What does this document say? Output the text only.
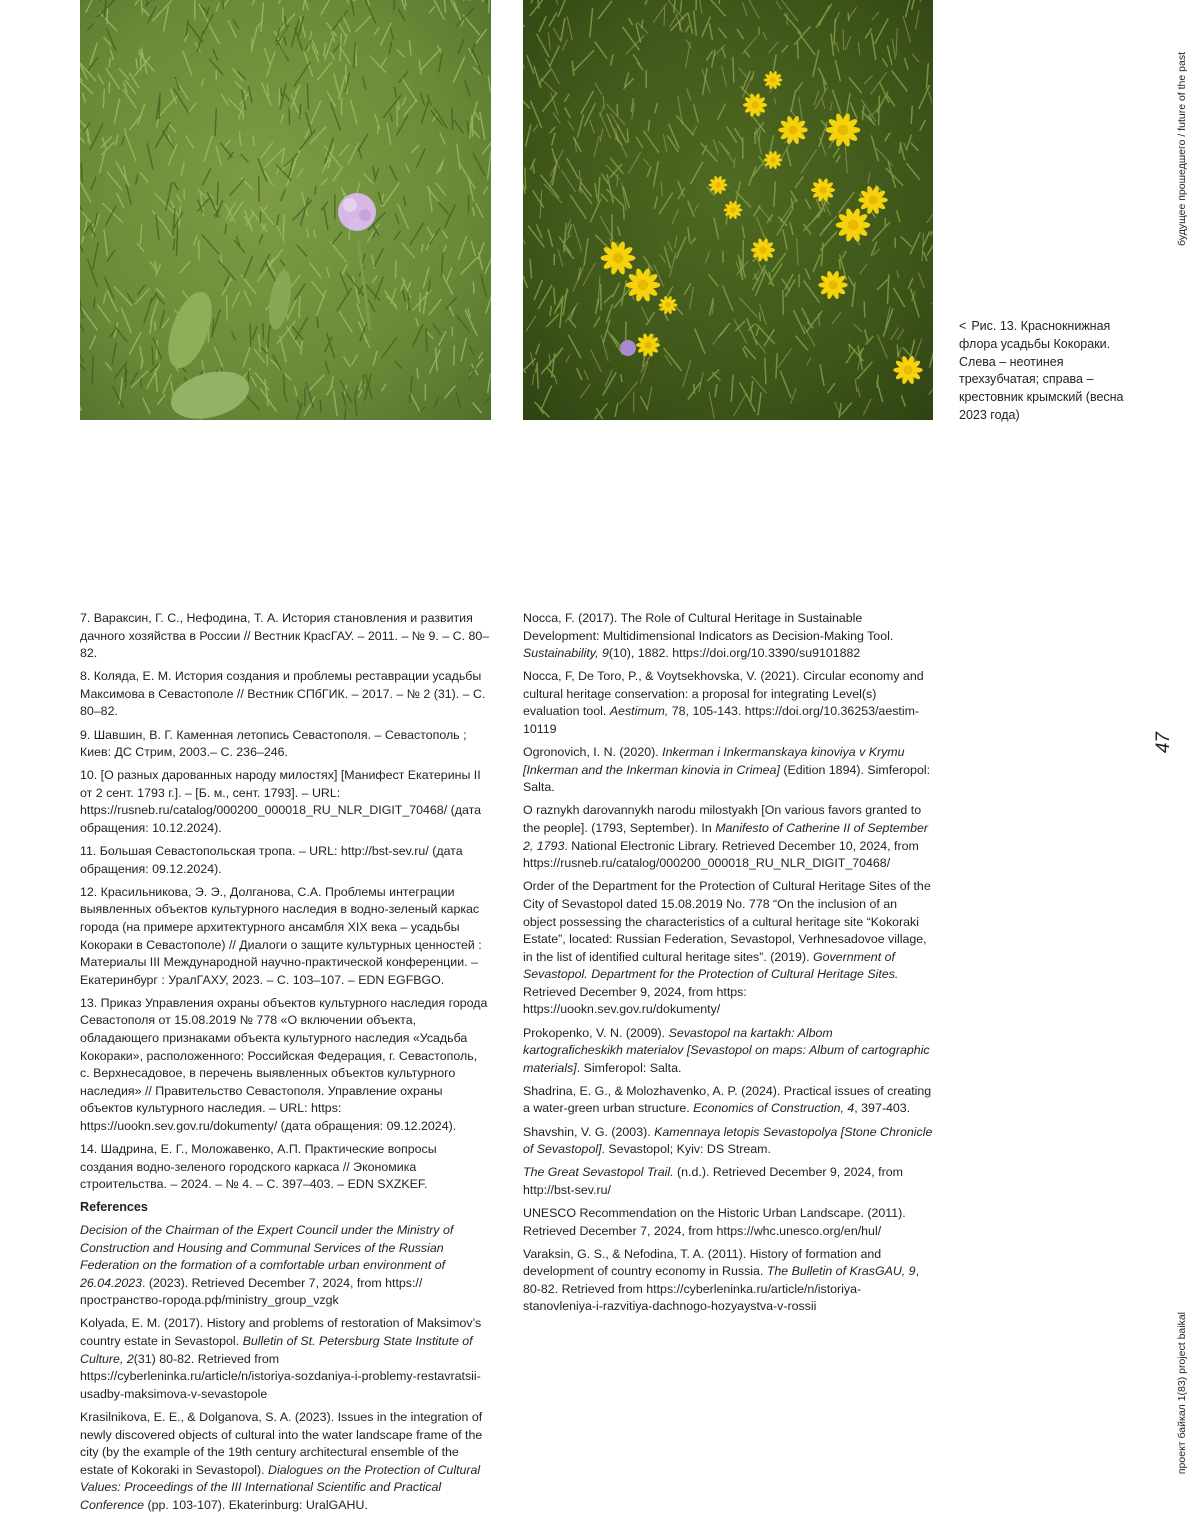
< Рис. 13. Краснокнижная флора усадьбы Кокораки. Слева – неотинея трехзубчатая; справа – крестовник крымский (весна 2023 года)
будущее прошедшего / future of the past
47
проект байкал 1(83) project baikal

7. Вараксин, Г. С., Нефодина, Т. А. История становления и развития дачного хозяйства в России // Вестник КрасГАУ. – 2011. – № 9. – С. 80–82.

8. Коляда, Е. М. История создания и проблемы реставрации усадьбы Максимова в Севастополе // Вестник СПбГИК. – 2017. – № 2 (31). – С. 80–82.

9. Шавшин, В. Г. Каменная летопись Севастополя. – Севастополь ; Киев: ДС Стрим, 2003.– С. 236–246.

10. [О разных дарованных народу милостях] [Манифест Екатерины II от 2 сент. 1793 г.]. – [Б. м., сент. 1793]. – URL: https://rusneb.ru/catalog/000200_000018_RU_NLR_DIGIT_70468/ (дата обращения: 10.12.2024).

11. Большая Севастопольская тропа. – URL: http://bst-sev.ru/ (дата обращения: 09.12.2024).

12. Красильникова, Э. Э., Долганова, С.А. Проблемы интеграции выявленных объектов культурного наследия в водно-зеленый каркас города (на примере архитектурного ансамбля XIX века – усадьбы Кокораки в Севастополе) // Диалоги о защите культурных ценностей : Материалы III Международной научно-практической конференции. – Екатеринбург : УралГАХУ, 2023. – С. 103–107. – EDN EGFBGO.

13. Приказ Управления охраны объектов культурного наследия города Севастополя от 15.08.2019 № 778 «О включении объекта, обладающего признаками объекта культурного наследия «Усадьба Кокораки», расположенного: Российская Федерация, г. Севастополь, с. Верхнесадовое, в перечень выявленных объектов культурного наследия» // Правительство Севастополя. Управление охраны объектов культурного наследия. – URL: https: https://uookn.sev.gov.ru/dokumenty/ (дата обращения: 09.12.2024).

14. Шадрина, Е. Г., Моложавенко, А.П. Практические вопросы создания водно-зеленого городского каркаса // Экономика строительства. – 2024. – № 4. – С. 397–403. – EDN SXZKEF.

References

Decision of the Chairman of the Expert Council under the Ministry of Construction and Housing and Communal Services of the Russian Federation on the formation of a comfortable urban environment of 26.04.2023. (2023). Retrieved December 7, 2024, from https://пространство-города.рф/ministry_group_vzgk

Kolyada, E. M. (2017). History and problems of restoration of Maksimov’s country estate in Sevastopol. Bulletin of St. Petersburg State Institute of Culture, 2(31) 80-82. Retrieved from https://cyberleninka.ru/article/n/istoriya-sozdaniya-i-problemy-restavratsii-usadby-maksimova-v-sevastopole

Krasilnikova, E. E., & Dolganova, S. A. (2023). Issues in the integration of newly discovered objects of cultural into the water landscape frame of the city (by the example of the 19th century architectural ensemble of the estate of Kokoraki in Sevastopol). Dialogues on the Protection of Cultural Values: Proceedings of the III International Scientific and Practical Conference (pp. 103-107). Ekaterinburg: UralGAHU.

Nocca, F. (2017). The Role of Cultural Heritage in Sustainable Development: Multidimensional Indicators as Decision-Making Tool. Sustainability, 9(10), 1882. https://doi.org/10.3390/su9101882

Nocca, F, De Toro, P., & Voytsekhovska, V. (2021). Circular economy and cultural heritage conservation: a proposal for integrating Level(s) evaluation tool. Aestimum, 78, 105-143. https://doi.org/10.36253/aestim-10119

Ogronovich, I. N. (2020). Inkerman i Inkermanskaya kinoviya v Krymu [Inkerman and the Inkerman kinovia in Crimea] (Edition 1894). Simferopol: Salta.

O raznykh darovannykh narodu milostyakh [On various favors granted to the people]. (1793, September). In Manifesto of Catherine II of September 2, 1793. National Electronic Library. Retrieved December 10, 2024, from https://rusneb.ru/catalog/000200_000018_RU_NLR_DIGIT_70468/

Order of the Department for the Protection of Cultural Heritage Sites of the City of Sevastopol dated 15.08.2019 No. 778 “On the inclusion of an object possessing the characteristics of a cultural heritage site “Kokoraki Estate”, located: Russian Federation, Sevastopol, Verhnesadovoe village, in the list of identified cultural heritage sites”. (2019). Government of Sevastopol. Department for the Protection of Cultural Heritage Sites. Retrieved December 9, 2024, from https: https://uookn.sev.gov.ru/dokumenty/

Prokopenko, V. N. (2009). Sevastopol na kartakh: Albom kartograficheskikh materialov [Sevastopol on maps: Album of cartographic materials]. Simferopol: Salta.

Shadrina, E. G., & Molozhavenko, A. P. (2024). Practical issues of creating a water-green urban structure. Economics of Construction, 4, 397-403.

Shavshin, V. G. (2003). Kamennaya letopis Sevastopolya [Stone Chronicle of Sevastopol]. Sevastopol; Kyiv: DS Stream.

The Great Sevastopol Trail. (n.d.). Retrieved December 9, 2024, from http://bst-sev.ru/

UNESCO Recommendation on the Historic Urban Landscape. (2011). Retrieved December 7, 2024, from https://whc.unesco.org/en/hul/

Varaksin, G. S., & Nefodina, T. A. (2011). History of formation and development of country economy in Russia. The Bulletin of KrasGAU, 9, 80-82. Retrieved from https://cyberleninka.ru/article/n/istoriya-stanovleniya-i-razvitiya-dachnogo-hozyaystva-v-rossii
